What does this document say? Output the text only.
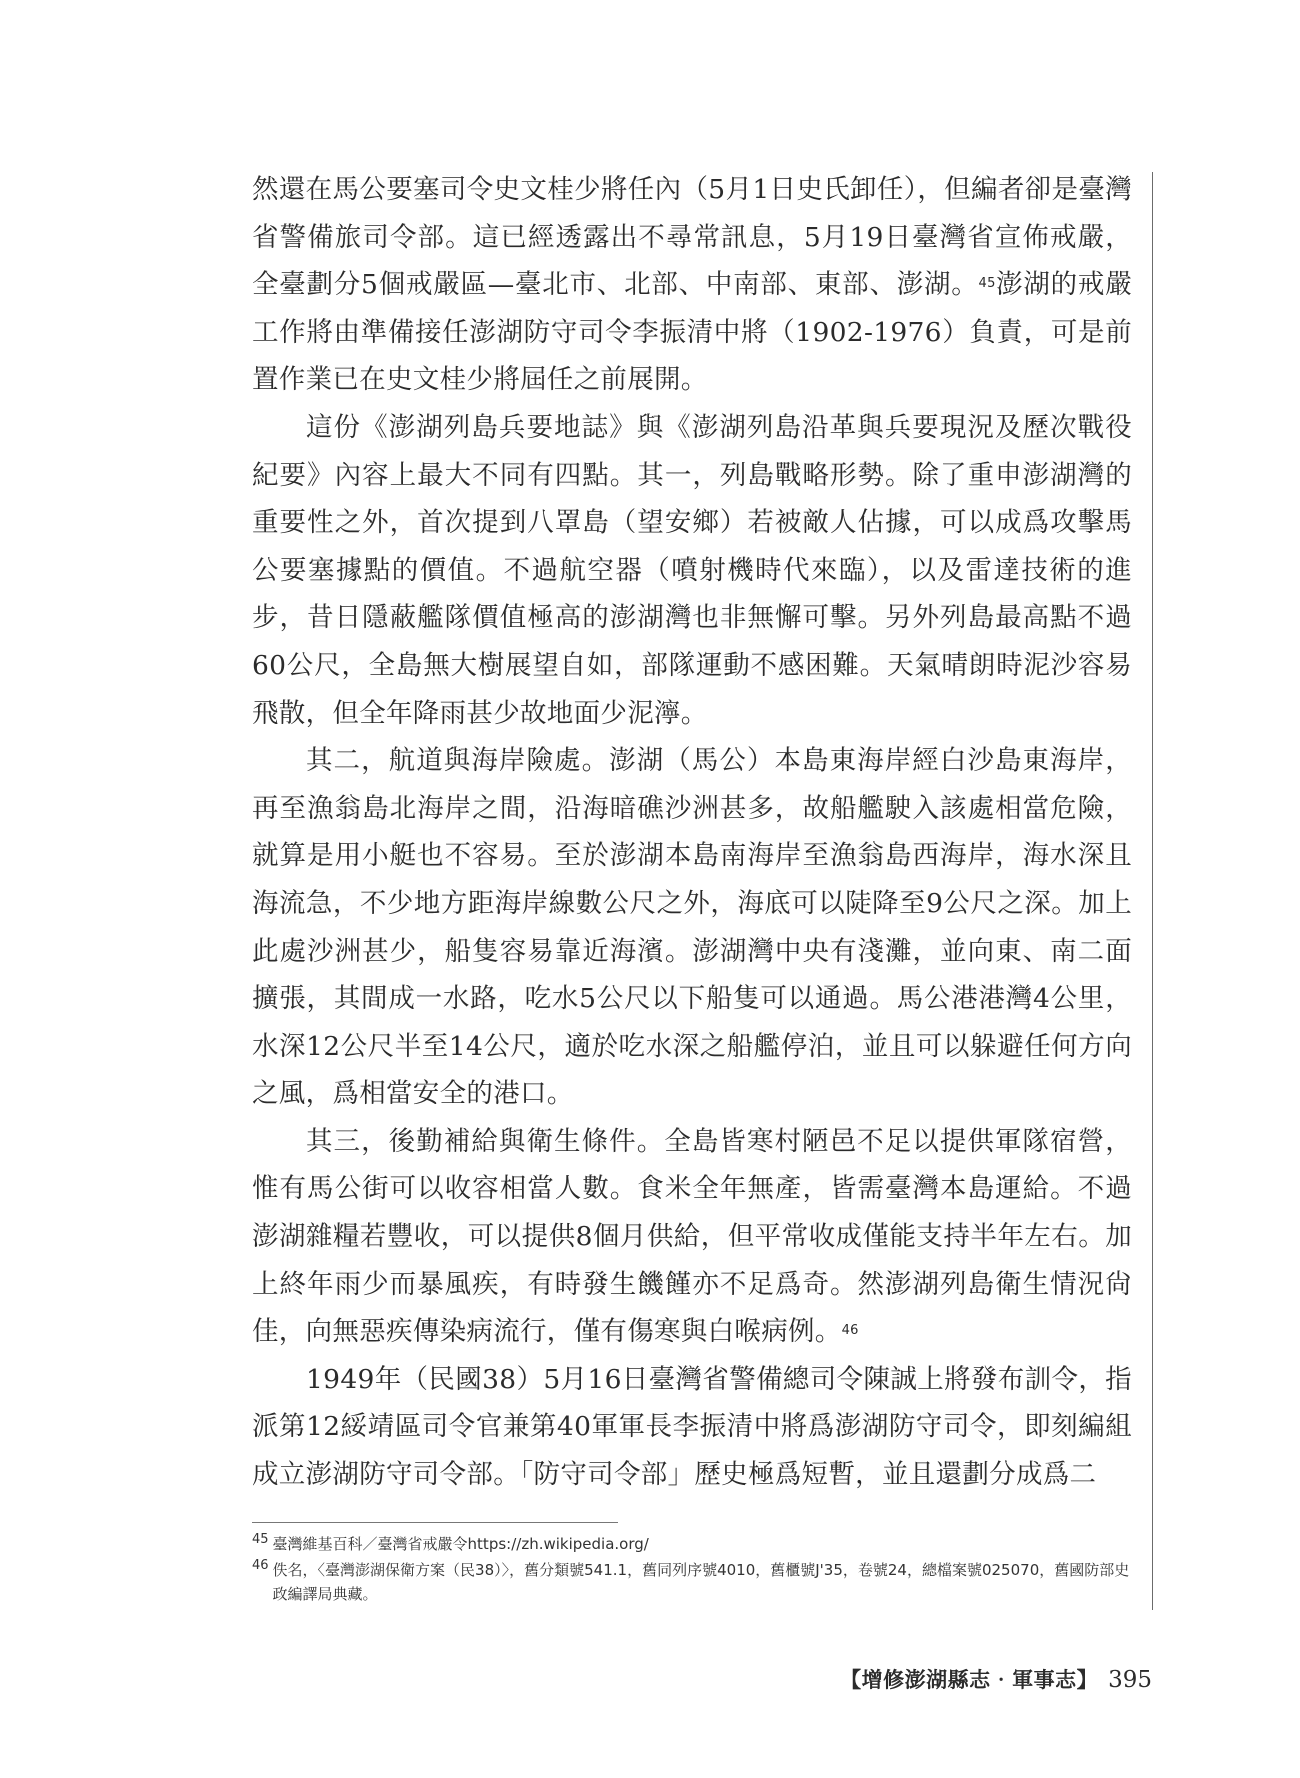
然還在馬公要塞司令史文桂少將任內（5月1日史氏卸任），但編者卻是臺灣省警備旅司令部。這已經透露出不尋常訊息，5月19日臺灣省宣佈戒嚴，全臺劃分5個戒嚴區—臺北市、北部、中南部、東部、澎湖。$^{45}$澎湖的戒嚴工作將由準備接任澎湖防守司令李振清中將（1902-1976）負責，可是前置作業已在史文桂少將屆任之前展開。

這份《澎湖列島兵要地誌》與《澎湖列島沿革與兵要現況及歷次戰役紀要》內容上最大不同有四點。其一，列島戰略形勢。除了重申澎湖灣的重要性之外，首次提到八罩島（望安鄉）若被敵人佔據，可以成爲攻擊馬公要塞據點的價值。不過航空器（噴射機時代來臨），以及雷達技術的進步，昔日隱蔽艦隊價值極高的澎湖灣也非無懈可擊。另外列島最高點不過60公尺，全島無大樹展望自如，部隊運動不感困難。天氣晴朗時泥沙容易飛散，但全年降雨甚少故地面少泥濘。

其二，航道與海岸險處。澎湖（馬公）本島東海岸經白沙島東海岸，再至漁翁島北海岸之間，沿海暗礁沙洲甚多，故船艦駛入該處相當危險，就算是用小艇也不容易。至於澎湖本島南海岸至漁翁島西海岸，海水深且海流急，不少地方距海岸線數公尺之外，海底可以陡降至9公尺之深。加上此處沙洲甚少，船隻容易靠近海濱。澎湖灣中央有淺灘，並向東、南二面擴張，其間成一水路，吃水5公尺以下船隻可以通過。馬公港港灣4公里，水深12公尺半至14公尺，適於吃水深之船艦停泊，並且可以躲避任何方向之風，爲相當安全的港口。

其三，後勤補給與衛生條件。全島皆寒村陋邑不足以提供軍隊宿營，惟有馬公街可以收容相當人數。食米全年無產，皆需臺灣本島運給。不過澎湖雜糧若豐收，可以提供8個月供給，但平常收成僅能支持半年左右。加上終年雨少而暴風疾，有時發生饑饉亦不足爲奇。然澎湖列島衛生情況尙佳，向無惡疾傳染病流行，僅有傷寒與白喉病例。$^{46}$

1949年（民國38）5月16日臺灣省警備總司令陳誠上將發布訓令，指派第12綏靖區司令官兼第40軍軍長李振清中將爲澎湖防守司令，即刻編組成立澎湖防守司令部。「防守司令部」歷史極爲短暫，並且還劃分成爲二

45 臺灣維基百科／臺灣省戒嚴令https://zh.wikipedia.org/
46 佚名，〈臺灣澎湖保衛方案（民38）〉，舊分類號541.1，舊同列序號4010，舊櫃號J'35，卷號24，總檔案號025070，舊國防部史政編譯局典藏。
【增修澎湖縣志‧軍事志】 395
